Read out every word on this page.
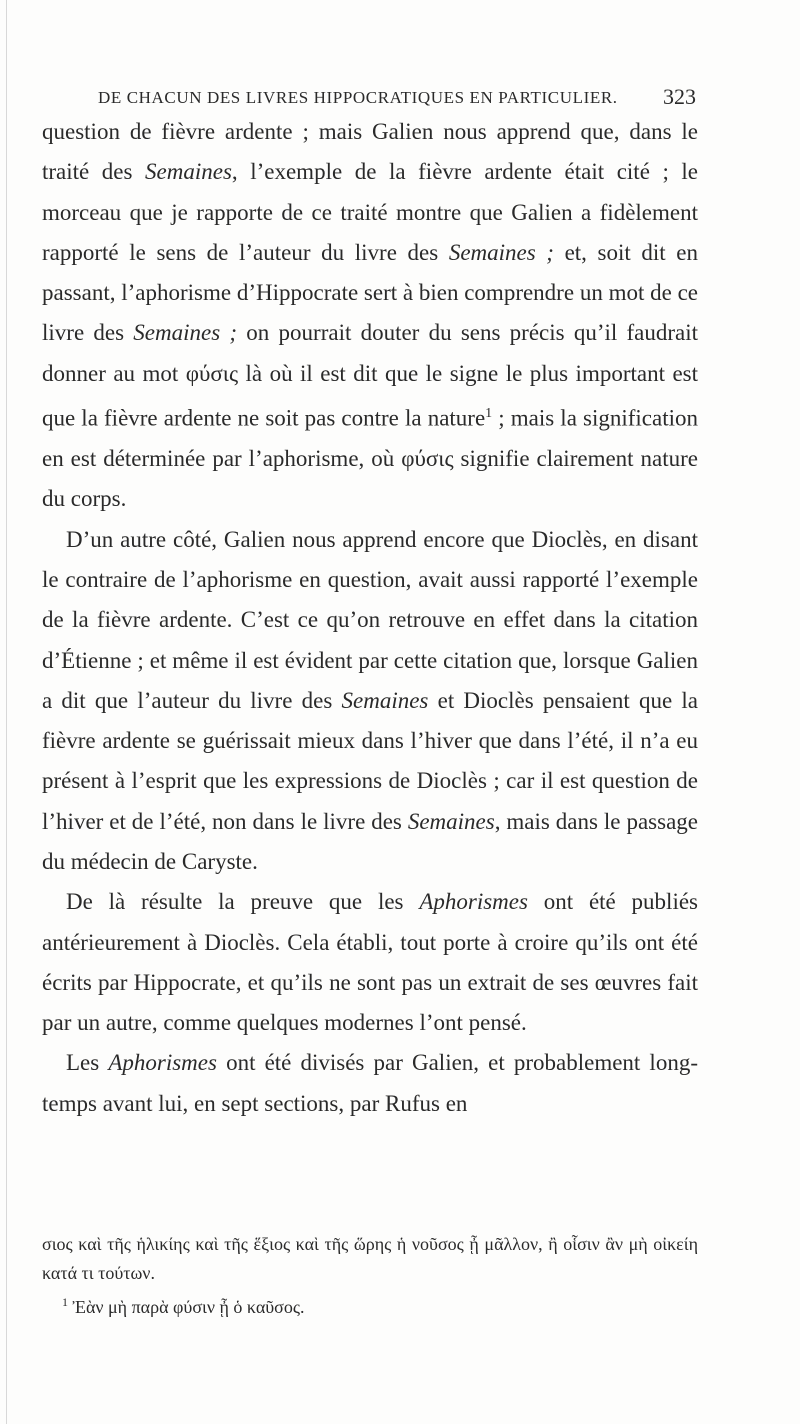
DE CHACUN DES LIVRES HIPPOCRATIQUES EN PARTICULIER. 323

question de fièvre ardente ; mais Galien nous apprend que, dans le traité des Semaines, l’exemple de la fièvre ardente était cité ; le morceau que je rapporte de ce traité montre que Galien a fidèlement rapporté le sens de l’auteur du livre des Semaines ; et, soit dit en passant, l’aphorisme d’Hippocrate sert à bien comprendre un mot de ce livre des Semaines ; on pourrait douter du sens précis qu’il faudrait donner au mot φύσις là où il est dit que le signe le plus important est que la fièvre ardente ne soit pas contre la nature$^1$ ; mais la signification en est déterminée par l’aphorisme, où φύσις signifie clairement nature du corps.

D’un autre côté, Galien nous apprend encore que Dioclès, en disant le contraire de l’aphorisme en question, avait aussi rapporté l’exemple de la fièvre ardente. C’est ce qu’on retrouve en effet dans la citation d’Étienne ; et même il est évident par cette citation que, lorsque Galien a dit que l’auteur du livre des Semaines et Dioclès pensaient que la fièvre ardente se guérissait mieux dans l’hiver que dans l’été, il n’a eu présent à l’esprit que les expressions de Dioclès ; car il est question de l’hiver et de l’été, non dans le livre des Semaines, mais dans le passage du médecin de Caryste.

De là résulte la preuve que les Aphorismes ont été publiés antérieurement à Dioclès. Cela établi, tout porte à croire qu’ils ont été écrits par Hippocrate, et qu’ils ne sont pas un extrait de ses œuvres fait par un autre, comme quelques modernes l’ont pensé.

Les Aphorismes ont été divisés par Galien, et probablement long-temps avant lui, en sept sections, par Rufus en

σιος καὶ τῆς ἡλικίης καὶ τῆς ἕξιος καὶ τῆς ὥρης ἡ νοῦσος ᾖ μᾶλλον, ἢ οἷσιν ἂν μὴ οἰκείη κατά τι τούτων.

$^1$ Ἐὰν μὴ παρὰ φύσιν ᾖ ὁ καῦσος.
